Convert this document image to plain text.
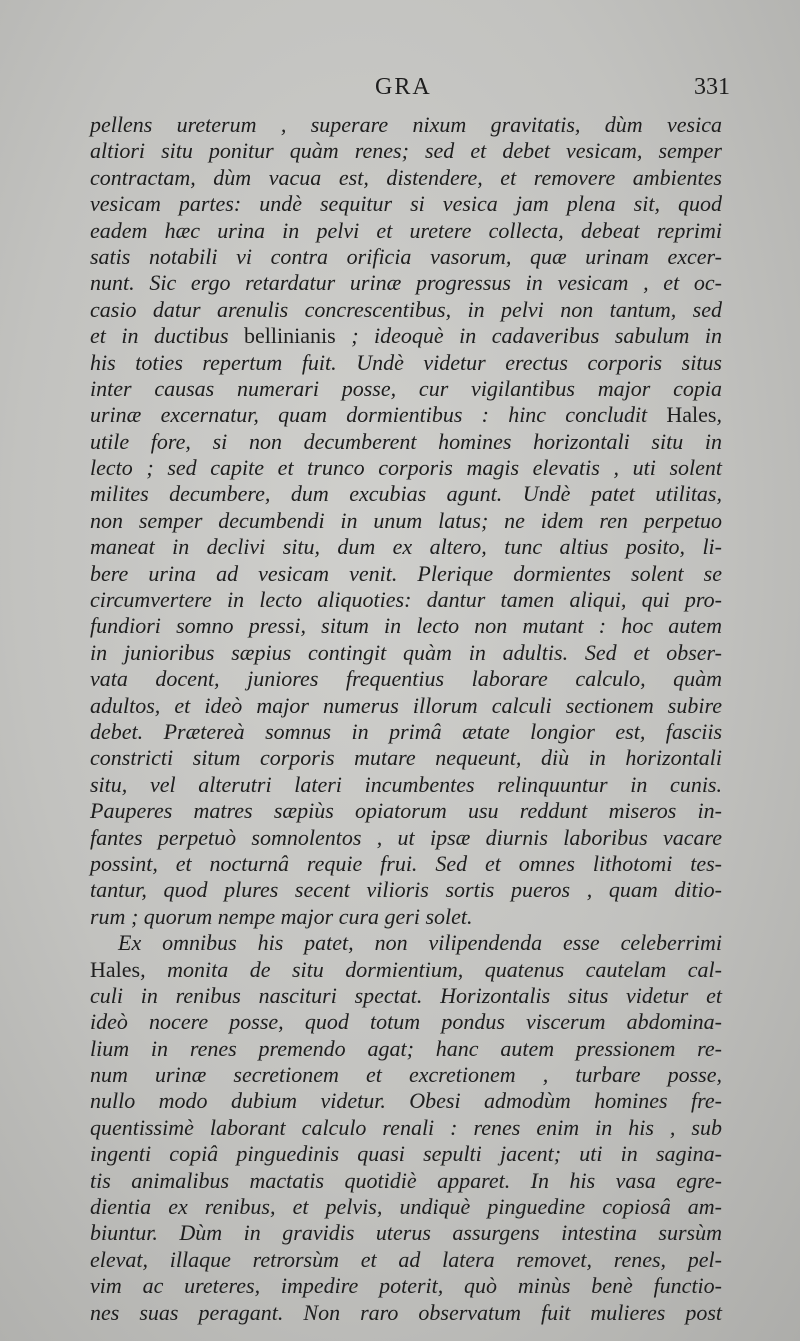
GRA	331
pellens ureterum , superare nixum gravitatis, dùm vesica
altiori situ ponitur quàm renes; sed et debet vesicam, semper
contractam, dùm vacua est, distendere, et removere ambientes
vesicam partes: undè sequitur si vesica jam plena sit, quod
eadem hæc urina in pelvi et uretere collecta, debeat reprimi
satis notabili vi contra orificia vasorum, quæ urinam excer-
nunt. Sic ergo retardatur urinæ progressus in vesicam , et oc-
casio datur arenulis concrescentibus, in pelvi non tantum, sed
et in ductibus bellinianis ; ideoquè in cadaveribus sabulum in
his toties repertum fuit. Undè videtur erectus corporis situs
inter causas numerari posse, cur vigilantibus major copia
urinæ excernatur, quam dormientibus : hinc concludit Hales,
utile fore, si non decumberent homines horizontali situ in
lecto ; sed capite et trunco corporis magis elevatis , uti solent
milites decumbere, dum excubias agunt. Undè patet utilitas,
non semper decumbendi in unum latus; ne idem ren perpetuo
maneat in declivi situ, dum ex altero, tunc altius posito, li-
bere urina ad vesicam venit. Plerique dormientes solent se
circumvertere in lecto aliquoties: dantur tamen aliqui, qui pro-
fundiori somno pressi, situm in lecto non mutant : hoc autem
in junioribus sæpius contingit quàm in adultis. Sed et obser-
vata docent, juniores frequentius laborare calculo, quàm
adultos, et ideò major numerus illorum calculi sectionem subire
debet. Prætereà somnus in primâ ætate longior est, fasciis
constricti situm corporis mutare nequeunt, diù in horizontali
situ, vel alterutri lateri incumbentes relinquuntur in cunis.
Pauperes matres sæpiùs opiatorum usu reddunt miseros in-
fantes perpetuò somnolentos , ut ipsæ diurnis laboribus vacare
possint, et nocturnâ requie frui. Sed et omnes lithotomi tes-
tantur, quod plures secent vilioris sortis pueros , quam ditio-
rum ; quorum nempe major cura geri solet.
Ex omnibus his patet, non vilipendenda esse celeberrimi
Hales, monita de situ dormientium, quatenus cautelam cal-
culi in renibus nascituri spectat. Horizontalis situs videtur et
ideò nocere posse, quod totum pondus viscerum abdomina-
lium in renes premendo agat; hanc autem pressionem re-
num urinæ secretionem et excretionem , turbare posse,
nullo modo dubium videtur. Obesi admodùm homines fre-
quentissimè laborant calculo renali : renes enim in his , sub
ingenti copiâ pinguedinis quasi sepulti jacent; uti in sagina-
tis animalibus mactatis quotidiè apparet. In his vasa egre-
dientia ex renibus, et pelvis, undiquè pinguedine copiosâ am-
biuntur. Dùm in gravidis uterus assurgens intestina sursùm
elevat, illaque retrorsùm et ad latera removet, renes, pel-
vim ac ureteres, impedire poterit, quò minùs benè functio-
nes suas peragant. Non raro observatum fuit mulieres post
